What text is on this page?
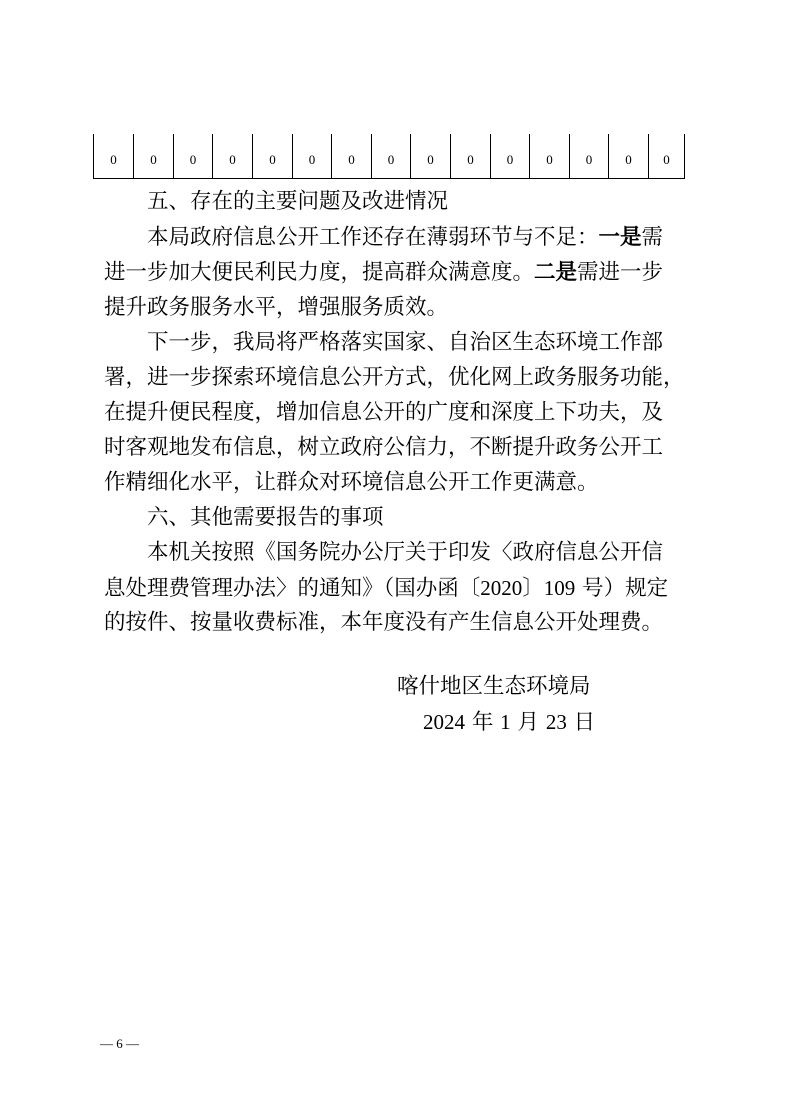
0	0	0	0	0	0	0	0	0	0	0	0	0	0	0
五、存在的主要问题及改进情况
本局政府信息公开工作还存在薄弱环节与不足：一是需
进一步加大便民利民力度，提高群众满意度。二是需进一步
提升政务服务水平，增强服务质效。
下一步，我局将严格落实国家、自治区生态环境工作部
署，进一步探索环境信息公开方式，优化网上政务服务功能，
在提升便民程度，增加信息公开的广度和深度上下功夫，及
时客观地发布信息，树立政府公信力，不断提升政务公开工
作精细化水平，让群众对环境信息公开工作更满意。
六、其他需要报告的事项
本机关按照《国务院办公厅关于印发〈政府信息公开信
息处理费管理办法〉的通知》（国办函〔2020〕109 号）规定
的按件、按量收费标准，本年度没有产生信息公开处理费。
喀什地区生态环境局
2024 年 1 月 23 日
— 6 —
